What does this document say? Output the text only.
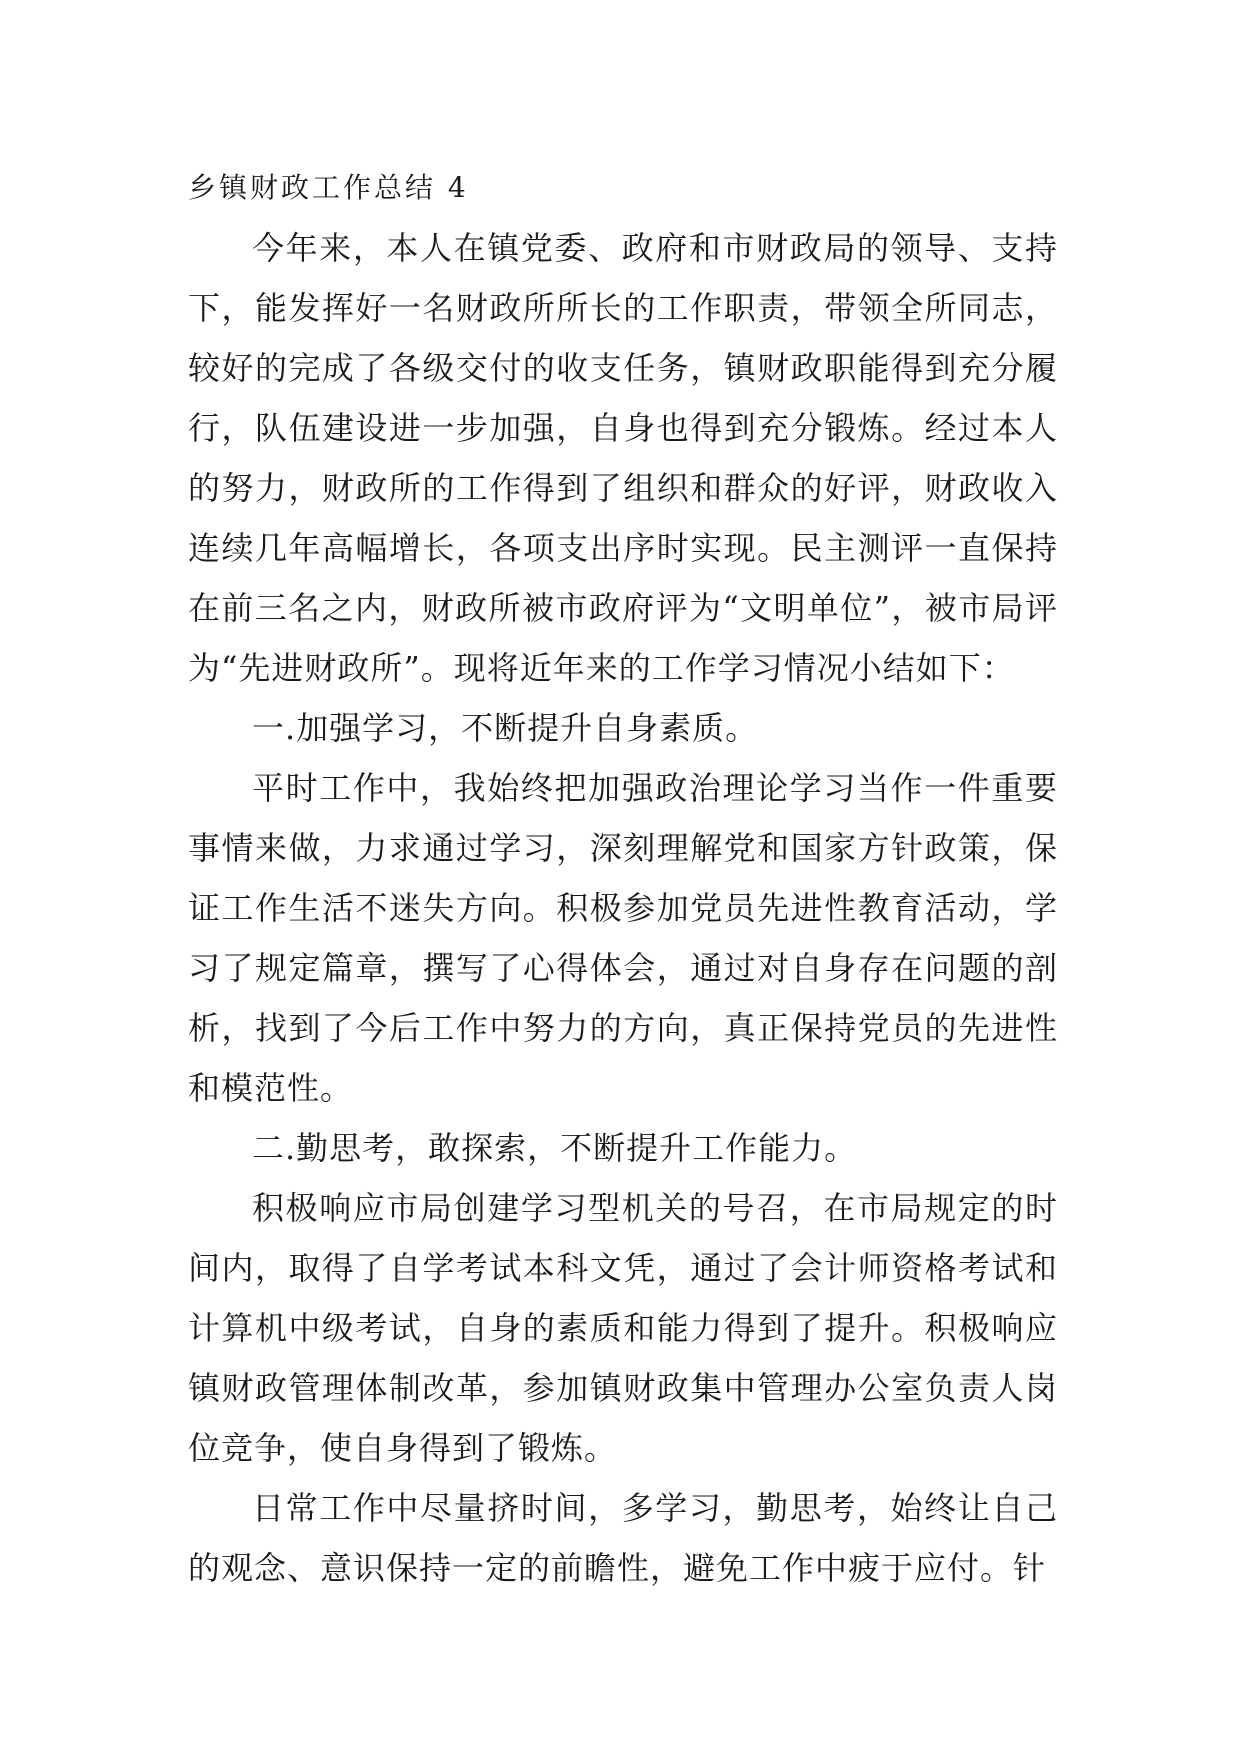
乡镇财政工作总结 4

今年来，本人在镇党委、政府和市财政局的领导、支持下，能发挥好一名财政所所长的工作职责，带领全所同志，较好的完成了各级交付的收支任务，镇财政职能得到充分履行，队伍建设进一步加强，自身也得到充分锻炼。经过本人的努力，财政所的工作得到了组织和群众的好评，财政收入连续几年高幅增长，各项支出序时实现。民主测评一直保持在前三名之内，财政所被市政府评为“文明单位”，被市局评为“先进财政所”。现将近年来的工作学习情况小结如下：

一.加强学习，不断提升自身素质。

平时工作中，我始终把加强政治理论学习当作一件重要事情来做，力求通过学习，深刻理解党和国家方针政策，保证工作生活不迷失方向。积极参加党员先进性教育活动，学习了规定篇章，撰写了心得体会，通过对自身存在问题的剖析，找到了今后工作中努力的方向，真正保持党员的先进性和模范性。

二.勤思考，敢探索，不断提升工作能力。

积极响应市局创建学习型机关的号召，在市局规定的时间内，取得了自学考试本科文凭，通过了会计师资格考试和计算机中级考试，自身的素质和能力得到了提升。积极响应镇财政管理体制改革，参加镇财政集中管理办公室负责人岗位竞争，使自身得到了锻炼。

日常工作中尽量挤时间，多学习，勤思考，始终让自己的观念、意识保持一定的前瞻性，避免工作中疲于应付。针
